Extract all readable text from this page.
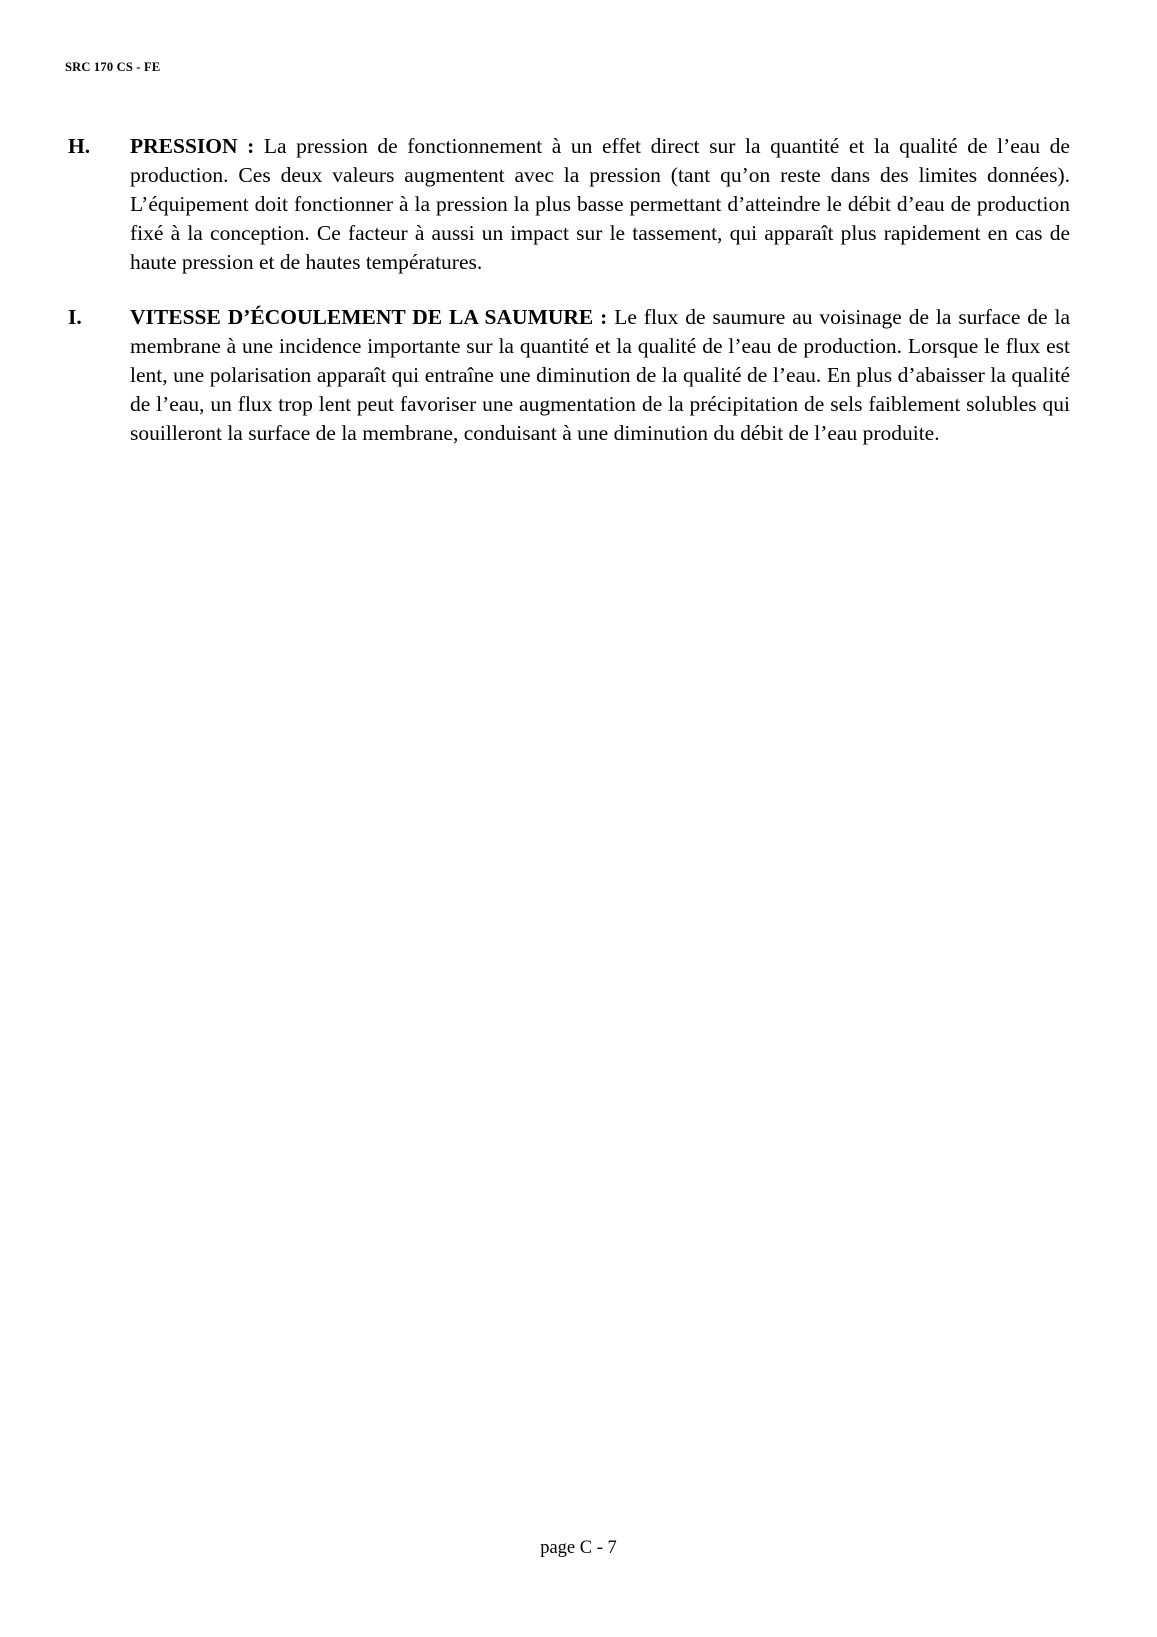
SRC 170 CS - FE
H. PRESSION : La pression de fonctionnement à un effet direct sur la quantité et la qualité de l’eau de production. Ces deux valeurs augmentent avec la pression (tant qu’on reste dans des limites données). L’équipement doit fonctionner à la pression la plus basse permettant d’atteindre le débit d’eau de production fixé à la conception. Ce facteur à aussi un impact sur le tassement, qui apparaît plus rapidement en cas de haute pression et de hautes températures.

I. VITESSE D’ÉCOULEMENT DE LA SAUMURE : Le flux de saumure au voisinage de la surface de la membrane à une incidence importante sur la quantité et la qualité de l’eau de production. Lorsque le flux est lent, une polarisation apparaît qui entraîne une diminution de la qualité de l’eau. En plus d’abaisser la qualité de l’eau, un flux trop lent peut favoriser une augmentation de la précipitation de sels faiblement solubles qui souilleront la surface de la membrane, conduisant à une diminution du débit de l’eau produite.

page C - 7
